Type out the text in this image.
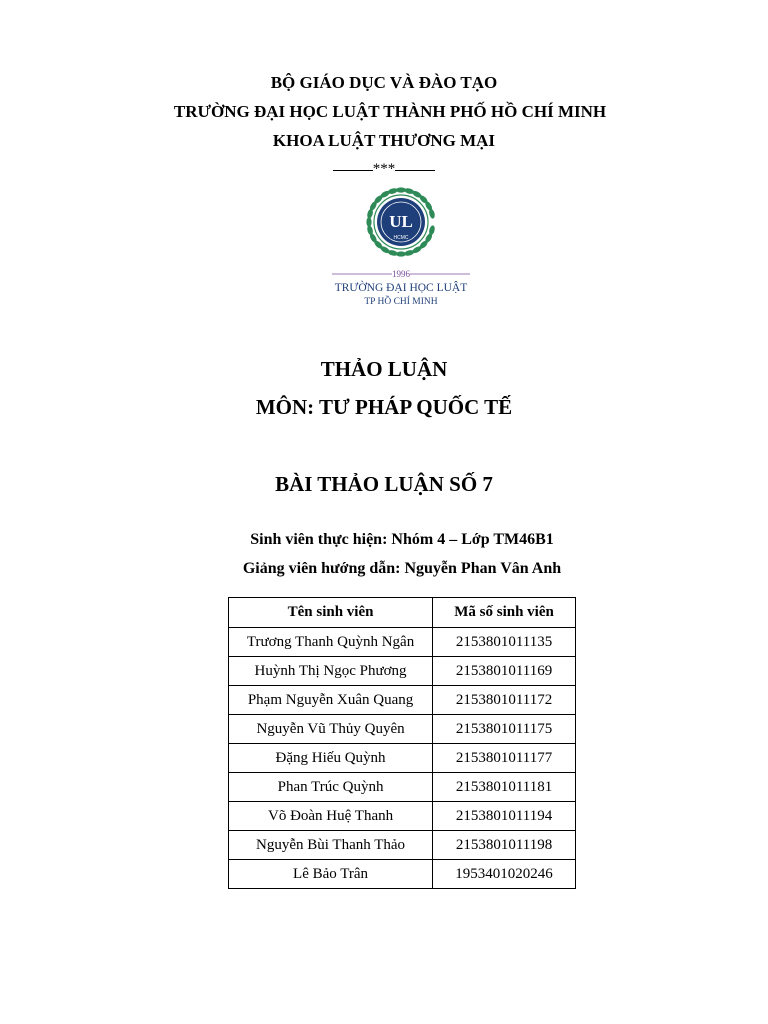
BỘ GIÁO DỤC VÀ ĐÀO TẠO
TRƯỜNG ĐẠI HỌC LUẬT THÀNH PHỐ HỒ CHÍ MINH
KHOA LUẬT THƯƠNG MẠI
***
UL
HCMC
1996
TRƯỜNG ĐẠI HỌC LUẬT
TP HỒ CHÍ MINH
THẢO LUẬN
MÔN: TƯ PHÁP QUỐC TẾ
BÀI THẢO LUẬN SỐ 7
Sinh viên thực hiện: Nhóm 4 – Lớp TM46B1
Giảng viên hướng dẫn: Nguyễn Phan Vân Anh
Tên sinh viên	Mã số sinh viên
Trương Thanh Quỳnh Ngân	2153801011135
Huỳnh Thị Ngọc Phương	2153801011169
Phạm Nguyễn Xuân Quang	2153801011172
Nguyễn Vũ Thủy Quyên	2153801011175
Đặng Hiếu Quỳnh	2153801011177
Phan Trúc Quỳnh	2153801011181
Võ Đoàn Huệ Thanh	2153801011194
Nguyễn Bùi Thanh Thảo	2153801011198
Lê Bảo Trân	1953401020246
